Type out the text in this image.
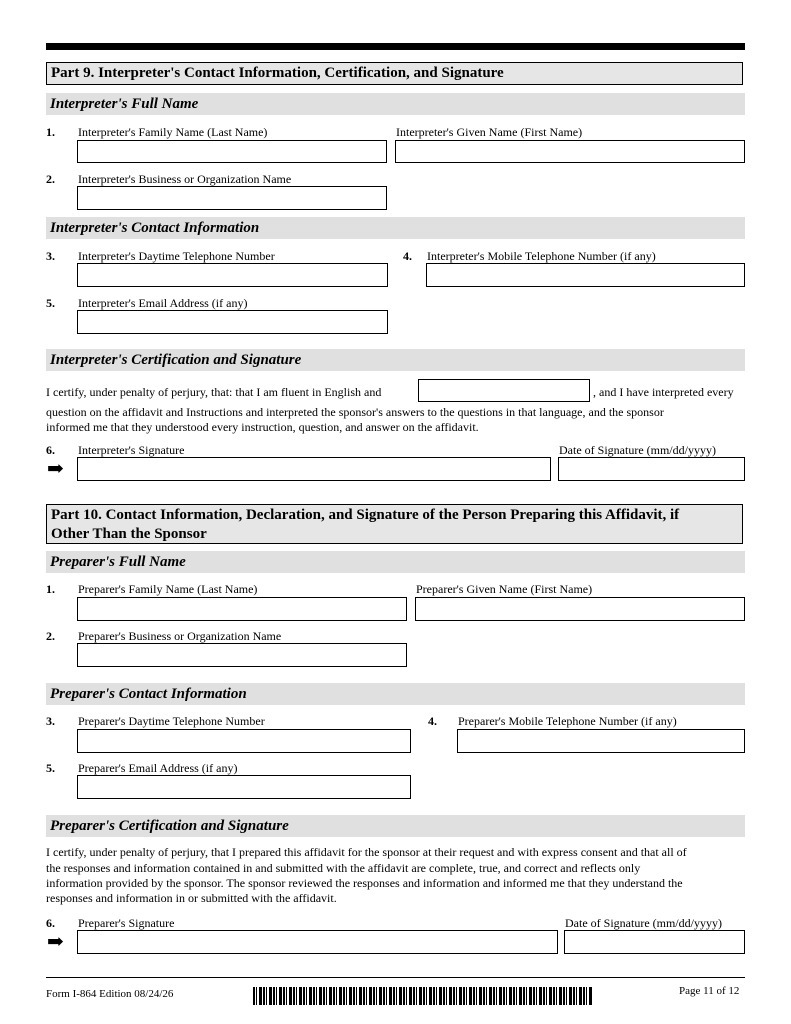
Part 9. Interpreter's Contact Information, Certification, and Signature
Interpreter's Full Name
1. Interpreter's Family Name (Last Name)	Interpreter's Given Name (First Name)
2. Interpreter's Business or Organization Name
Interpreter's Contact Information
3. Interpreter's Daytime Telephone Number	4. Interpreter's Mobile Telephone Number (if any)
5. Interpreter's Email Address (if any)
Interpreter's Certification and Signature
I certify, under penalty of perjury, that: that I am fluent in English and	, and I have interpreted every
question on the affidavit and Instructions and interpreted the sponsor's answers to the questions in that language, and the sponsor
informed me that they understood every instruction, question, and answer on the affidavit.
6. Interpreter's Signature	Date of Signature (mm/dd/yyyy)
➡
Part 10. Contact Information, Declaration, and Signature of the Person Preparing this Affidavit, if
Other Than the Sponsor
Preparer's Full Name
1. Preparer's Family Name (Last Name)	Preparer's Given Name (First Name)
2. Preparer's Business or Organization Name
Preparer's Contact Information
3. Preparer's Daytime Telephone Number	4. Preparer's Mobile Telephone Number (if any)
5. Preparer's Email Address (if any)
Preparer's Certification and Signature
I certify, under penalty of perjury, that I prepared this affidavit for the sponsor at their request and with express consent and that all of
the responses and information contained in and submitted with the affidavit are complete, true, and correct and reflects only
information provided by the sponsor. The sponsor reviewed the responses and information and informed me that they understand the
responses and information in or submitted with the affidavit.
6. Preparer's Signature	Date of Signature (mm/dd/yyyy)
➡
Form I-864 Edition 08/24/26	Page 11 of 12
